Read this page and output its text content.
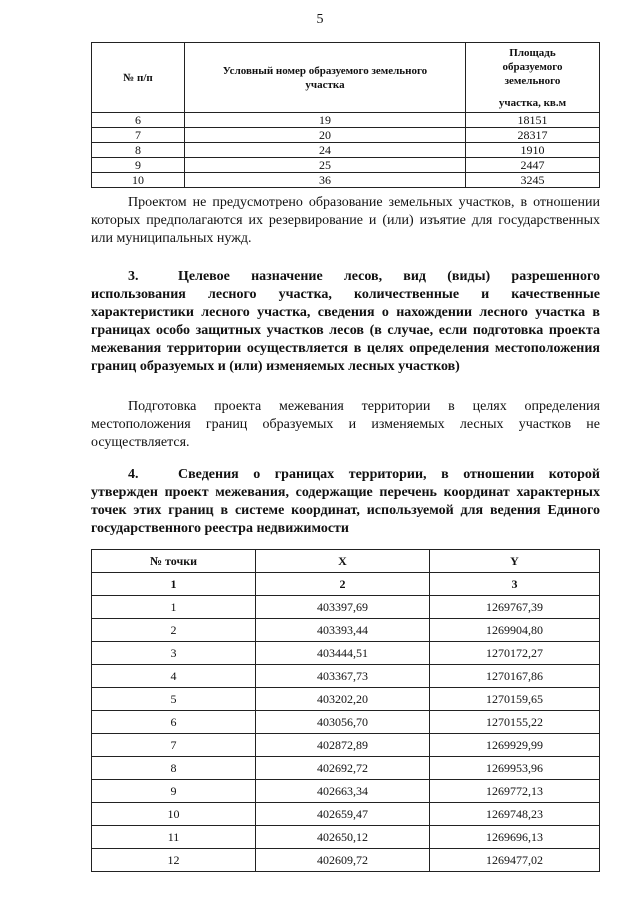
5
№ п/п	Условный номер образуемого земельного участка	Площадь образуемого земельного
участка, кв.м

6	19	18151
7	20	28317
8	24	1910
9	25	2447
10	36	3245

Проектом не предусмотрено образование земельных участков, в отношении которых предполагаются их резервирование и (или) изъятие для государственных или муниципальных нужд.

3.	Целевое назначение лесов, вид (виды) разрешенного использования лесного участка, количественные и качественные характеристики лесного участка, сведения о нахождении лесного участка в границах особо защитных участков лесов (в случае, если подготовка проекта межевания территории осуществляется в целях определения местоположения границ образуемых и (или) изменяемых лесных участков)

Подготовка проекта межевания территории в целях определения местоположения границ образуемых и изменяемых лесных участков не осуществляется.

4.	Сведения о границах территории, в отношении которой утвержден проект межевания, содержащие перечень координат характерных точек этих границ в системе координат, используемой для ведения Единого государственного реестра недвижимости

№ точки	X	Y
1	2	3
1	403397,69	1269767,39
2	403393,44	1269904,80
3	403444,51	1270172,27
4	403367,73	1270167,86
5	403202,20	1270159,65
6	403056,70	1270155,22
7	402872,89	1269929,99
8	402692,72	1269953,96
9	402663,34	1269772,13
10	402659,47	1269748,23
11	402650,12	1269696,13
12	402609,72	1269477,02
